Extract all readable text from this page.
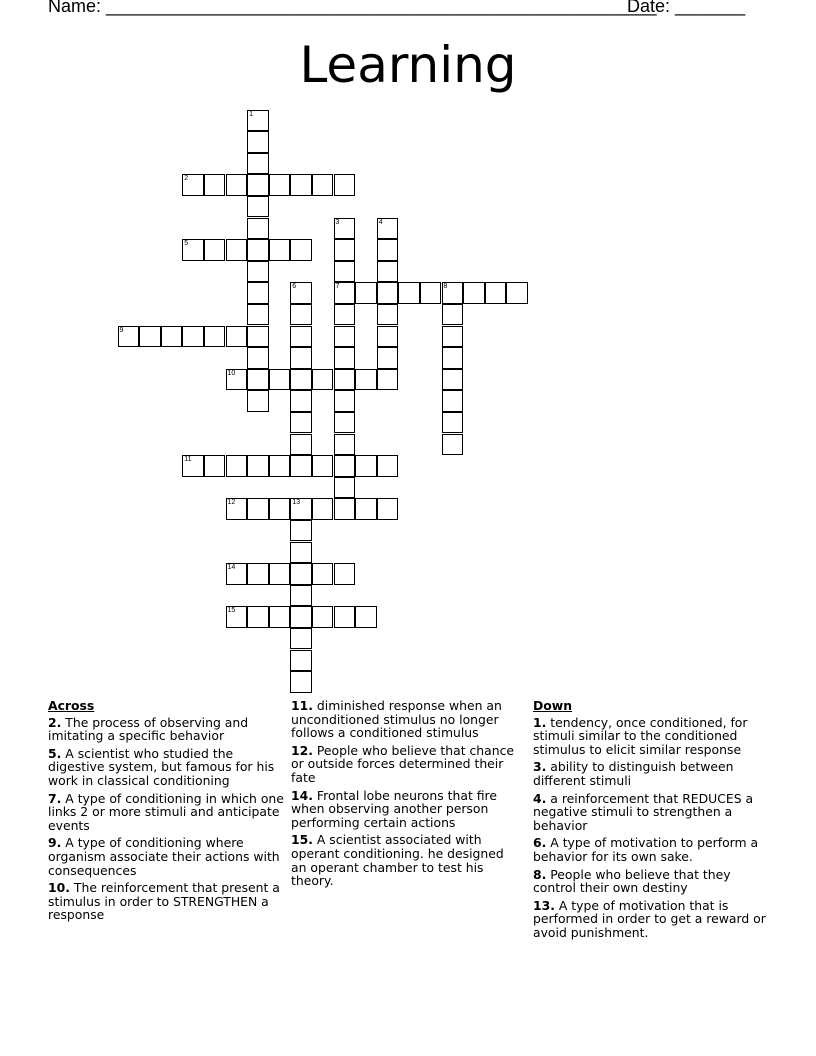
Name: _______________________________________________________
Date: _______
Learning
1
2
3
7
4
5
6	8
9
10
11
12	13
14
15
Across
2. The process of observing and imitating a specific behavior
5. A scientist who studied the digestive system, but famous for his work in classical conditioning
7. A type of conditioning in which one links 2 or more stimuli and anticipate events
9. A type of conditioning where organism associate their actions with consequences
10. The reinforcement that present a stimulus in order to STRENGTHEN a response
11. diminished response when an unconditioned stimulus no longer follows a conditioned stimulus
12. People who believe that chance or outside forces determined their fate
14. Frontal lobe neurons that fire when observing another person performing certain actions
15. A scientist associated with operant conditioning. he designed an operant chamber to test his theory.
Down
1. tendency, once conditioned, for stimuli similar to the conditioned stimulus to elicit similar response
3. ability to distinguish between different stimuli
4. a reinforcement that REDUCES a negative stimuli to strengthen a behavior
6. A type of motivation to perform a behavior for its own sake.
8. People who believe that they control their own destiny
13. A type of motivation that is performed in order to get a reward or avoid punishment.
